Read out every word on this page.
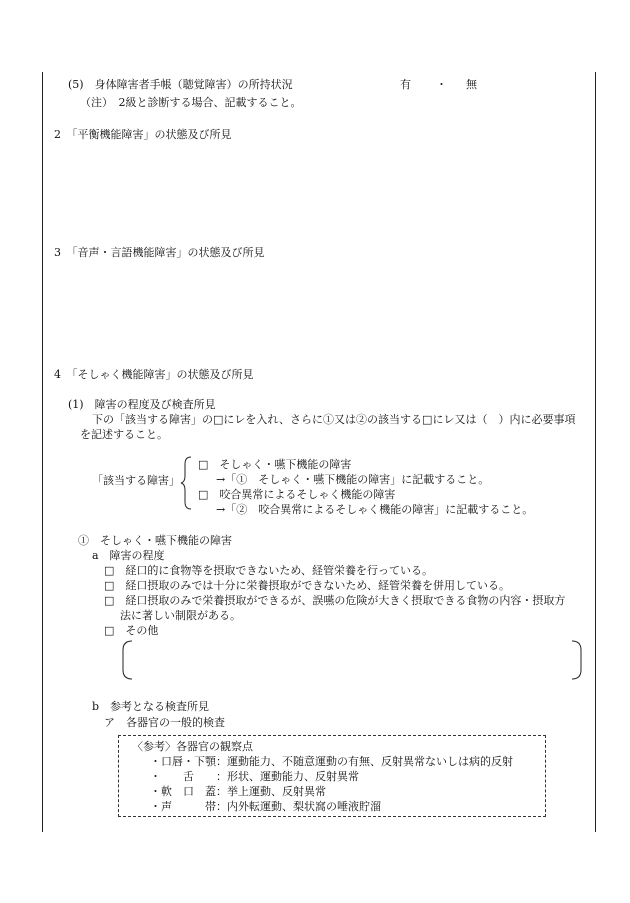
(5)　身体障害者手帳（聴覚障害）の所持状況	有 ・ 無
（注）　2級と診断する場合、記載すること。
2　「平衡機能障害」の状態及び所見
3　「音声・言語機能障害」の状態及び所見
4　「そしゃく機能障害」の状態及び所見
(1)　障害の程度及び検査所見
下の「該当する障害」の□にレを入れ、さらに①又は②の該当する□にレ又は（　）内に必要事項
を記述すること。
「該当する障害」
□　そしゃく・嚥下機能の障害
→「①　そしゃく・嚥下機能の障害」に記載すること。
□　咬合異常によるそしゃく機能の障害
→「②　咬合異常によるそしゃく機能の障害」に記載すること。
①　そしゃく・嚥下機能の障害
a　障害の程度
□　経口的に食物等を摂取できないため、経管栄養を行っている。
□　経口摂取のみでは十分に栄養摂取ができないため、経管栄養を併用している。
□　経口摂取のみで栄養摂取ができるが、誤嚥の危険が大きく摂取できる食物の内容・摂取方
法に著しい制限がある。
□　その他
b　参考となる検査所見
ア　各器官の一般的検査
〈参考〉各器官の観察点
・口唇・下顎：運動能力、不随意運動の有無、反射異常ないしは病的反射
・　　舌　　：形状、運動能力、反射異常
・軟　口　蓋：挙上運動、反射異常
・声　　　帯：内外転運動、梨状窩の唾液貯溜
